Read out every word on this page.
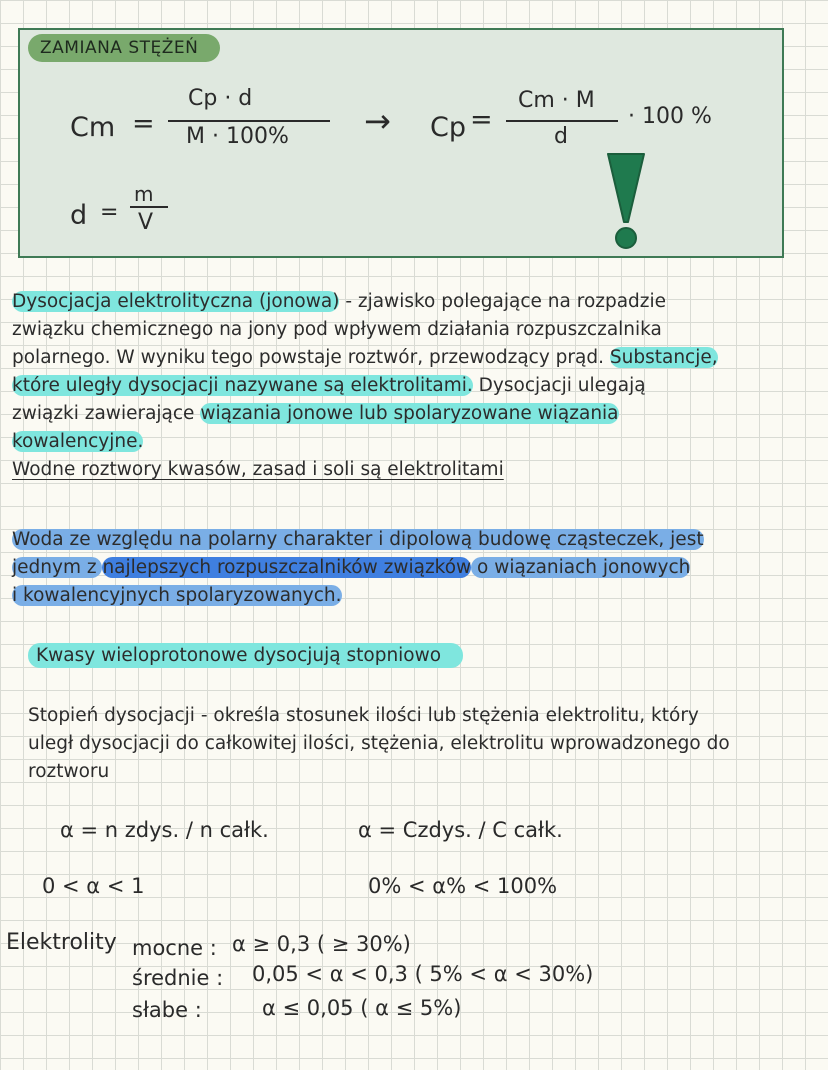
ZAMIANA STĘŻEŃ
Cm =
Cp · d
M · 100% → Cp =
Cm · M
d
· 100 %
d =
m
V
Dysocjacja elektrolityczna (jonowa) - zjawisko polegające na rozpadzie
związku chemicznego na jony pod wpływem działania rozpuszczalnika
polarnego. W wyniku tego powstaje roztwór, przewodzący prąd. Substancje,
które uległy dysocjacji nazywane są elektrolitami. Dysocjacji ulegają
związki zawierające wiązania jonowe lub spolaryzowane wiązania
kowalencyjne.
Wodne roztwory kwasów, zasad i soli są elektrolitami
Woda ze względu na polarny charakter i dipolową budowę cząsteczek, jest
jednym z najlepszych rozpuszczalników związków o wiązaniach jonowych
i kowalencyjnych spolaryzowanych.
Kwasy wieloprotonowe dysocjują stopniowo
Stopień dysocjacji - określa stosunek ilości lub stężenia elektrolitu, który
uległ dysocjacji do całkowitej ilości, stężenia, elektrolitu wprowadzonego do
roztworu
α = n zdys. / n całk.	α = Czdys. / C całk.
0 < α < 1	0% < α% < 100%
Elektrolity mocne : α ≥ 0,3 ( ≥ 30%)
średnie : 0,05 < α < 0,3 ( 5% < α < 30%)
słabe :	α ≤ 0,05 ( α ≤ 5%)
